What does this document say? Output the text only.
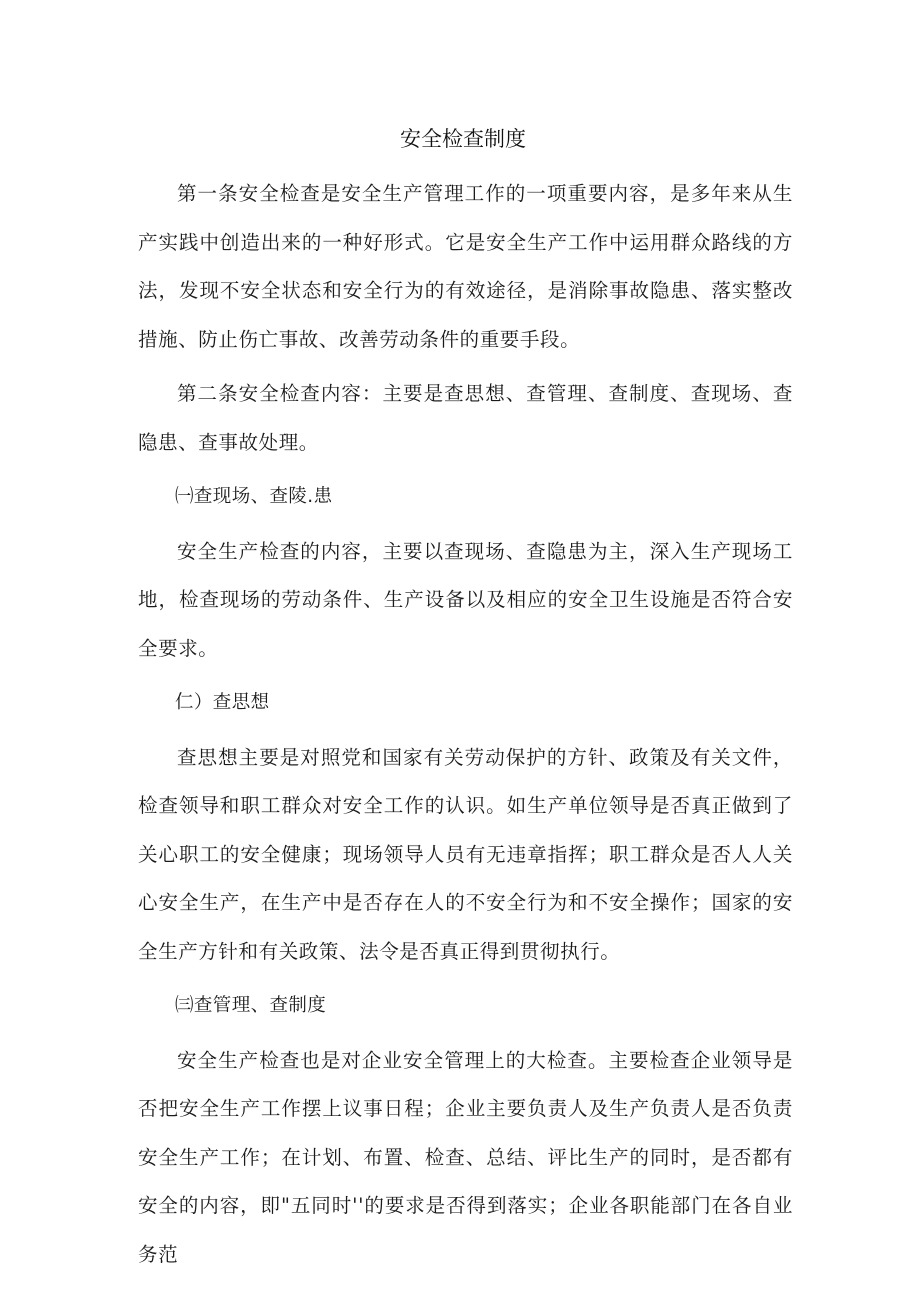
安全检查制度

第一条安全检查是安全生产管理工作的一项重要内容，是多年来从生产实践中创造出来的一种好形式。它是安全生产工作中运用群众路线的方法，发现不安全状态和安全行为的有效途径，是消除事故隐患、落实整改措施、防止伤亡事故、改善劳动条件的重要手段。

第二条安全检查内容：主要是查思想、查管理、查制度、查现场、查隐患、查事故处理。

㈠查现场、查陵.患

安全生产检查的内容，主要以查现场、查隐患为主，深入生产现场工地，检查现场的劳动条件、生产设备以及相应的安全卫生设施是否符合安全要求。

仁）查思想

查思想主要是对照党和国家有关劳动保护的方针、政策及有关文件，检查领导和职工群众对安全工作的认识。如生产单位领导是否真正做到了关心职工的安全健康；现场领导人员有无违章指挥；职工群众是否人人关心安全生产，在生产中是否存在人的不安全行为和不安全操作；国家的安全生产方针和有关政策、法令是否真正得到贯彻执行。

㈢查管理、查制度

安全生产检查也是对企业安全管理上的大检查。主要检查企业领导是否把安全生产工作摆上议事日程；企业主要负责人及生产负责人是否负责安全生产工作；在计划、布置、检查、总结、评比生产的同时，是否都有安全的内容，即"五同时''的要求是否得到落实；企业各职能部门在各自业务范
